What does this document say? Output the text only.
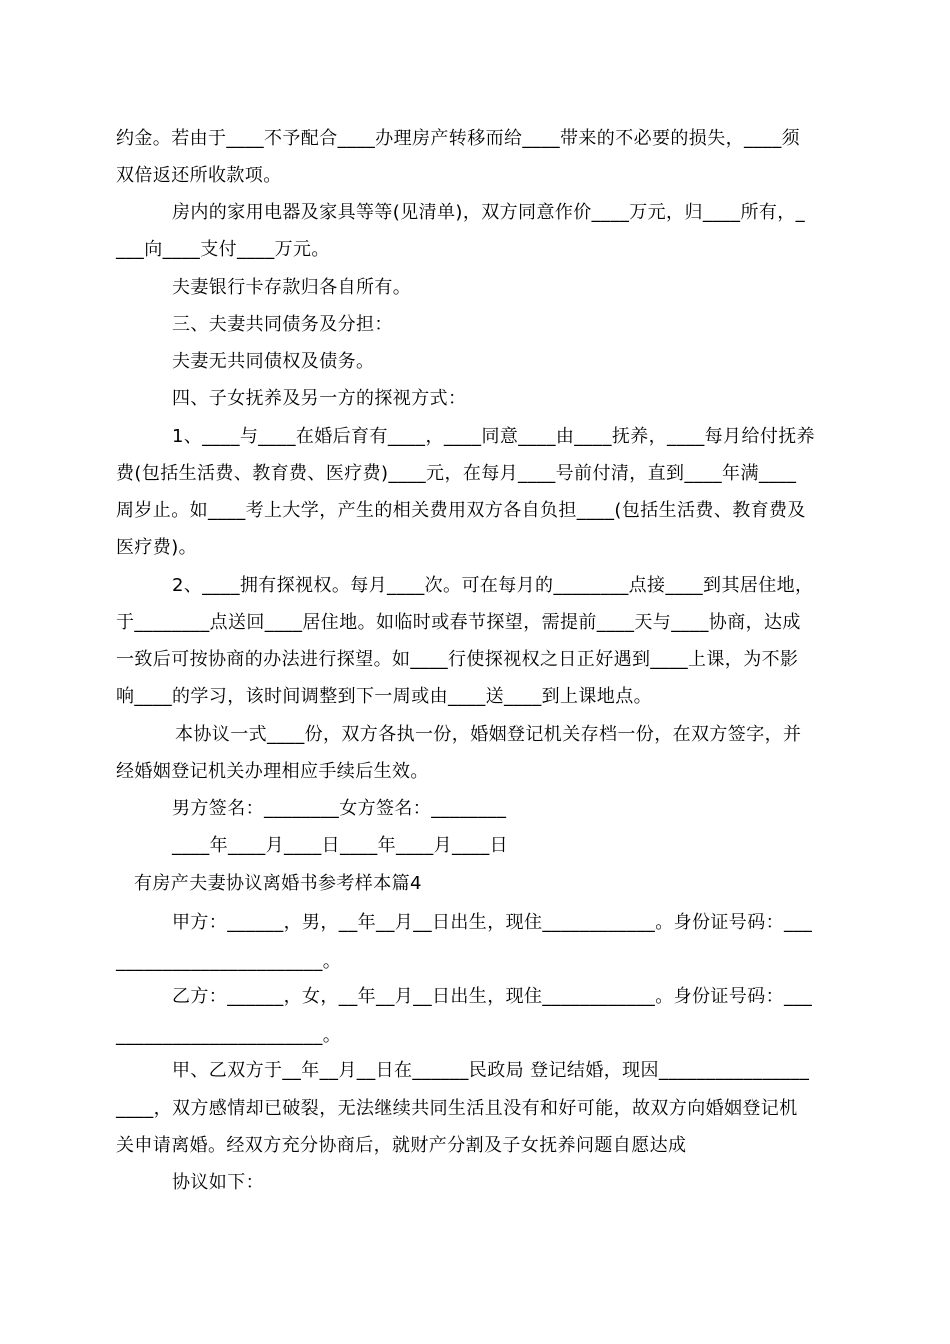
约金。若由于____不予配合____办理房产转移而给____带来的不必要的损失，____须
双倍返还所收款项。
房内的家用电器及家具等等(见清单)，双方同意作价____万元，归____所有，_
___向____支付____万元。
夫妻银行卡存款归各自所有。
三、夫妻共同债务及分担：
夫妻无共同债权及债务。
四、子女抚养及另一方的探视方式：
1、____与____在婚后育有____，____同意____由____抚养，____每月给付抚养
费(包括生活费、教育费、医疗费)____元，在每月____号前付清，直到____年满____
周岁止。如____考上大学，产生的相关费用双方各自负担____(包括生活费、教育费及
医疗费)。
2、____拥有探视权。每月____次。可在每月的________点接____到其居住地，
于________点送回____居住地。如临时或春节探望，需提前____天与____协商，达成
一致后可按协商的办法进行探望。如____行使探视权之日正好遇到____上课，为不影
响____的学习，该时间调整到下一周或由____送____到上课地点。
本协议一式____份，双方各执一份，婚姻登记机关存档一份，在双方签字，并
经婚姻登记机关办理相应手续后生效。
男方签名：________女方签名：________
____年____月____日____年____月____日
有房产夫妻协议离婚书参考样本篇4
甲方：______，男，__年__月__日出生，现住____________。身份证号码：___
______________________。
乙方：______，女，__年__月__日出生，现住____________。身份证号码：___
______________________。
甲、乙双方于__年__月__日在______民政局 登记结婚，现因________________
____，双方感情却已破裂，无法继续共同生活且没有和好可能，故双方向婚姻登记机
关申请离婚。经双方充分协商后，就财产分割及子女抚养问题自愿达成
协议如下：
